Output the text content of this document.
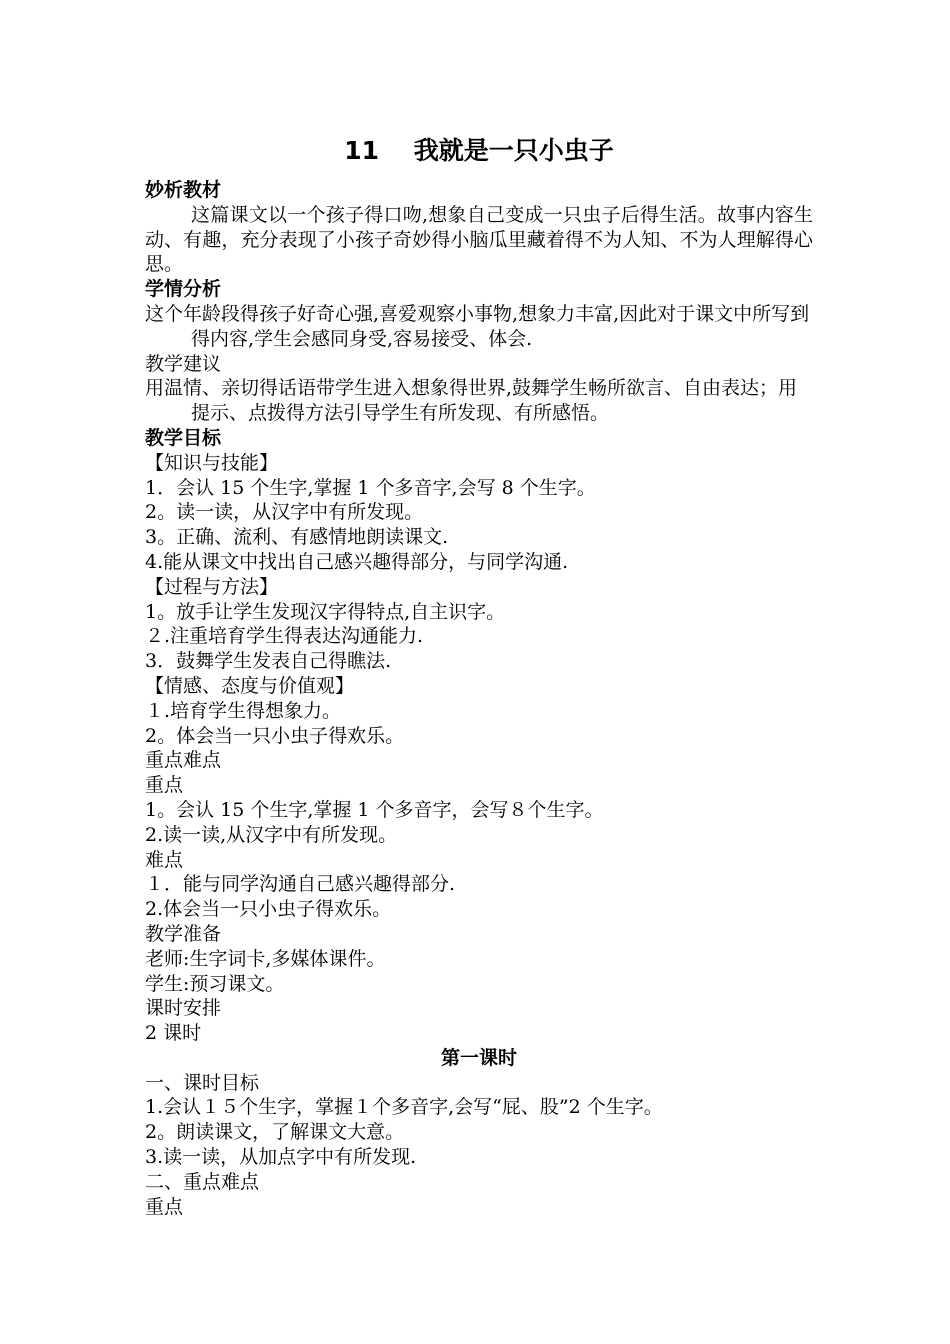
11    我就是一只小虫子

妙析教材

这篇课文以一个孩子得口吻,想象自己变成一只虫子后得生活。故事内容生动、有趣，充分表现了小孩子奇妙得小脑瓜里藏着得不为人知、不为人理解得心思。

学情分析

这个年龄段得孩子好奇心强,喜爱观察小事物,想象力丰富,因此对于课文中所写到得内容,学生会感同身受,容易接受、体会.

教学建议

用温情、亲切得话语带学生进入想象得世界,鼓舞学生畅所欲言、自由表达；用提示、点拨得方法引导学生有所发现、有所感悟。

教学目标

【知识与技能】

1．会认 15 个生字,掌握 1 个多音字,会写 8 个生字。

2。读一读，从汉字中有所发现。

3。正确、流利、有感情地朗读课文.

4.能从课文中找出自己感兴趣得部分，与同学沟通.

【过程与方法】

1。放手让学生发现汉字得特点,自主识字。

２.注重培育学生得表达沟通能力.

3．鼓舞学生发表自己得瞧法.

【情感、态度与价值观】

１.培育学生得想象力。

2。体会当一只小虫子得欢乐。

重点难点

重点

1。会认 15 个生字,掌握 1 个多音字，会写８个生字。

2.读一读,从汉字中有所发现。

难点

１．能与同学沟通自己感兴趣得部分.

2.体会当一只小虫子得欢乐。

教学准备

老师:生字词卡,多媒体课件。

学生:预习课文。

课时安排

2 课时

第一课时

一、课时目标

1.会认１５个生字，掌握１个多音字,会写“屁、股”2 个生字。

2。朗读课文，了解课文大意。

3.读一读，从加点字中有所发现.

二、重点难点

重点
